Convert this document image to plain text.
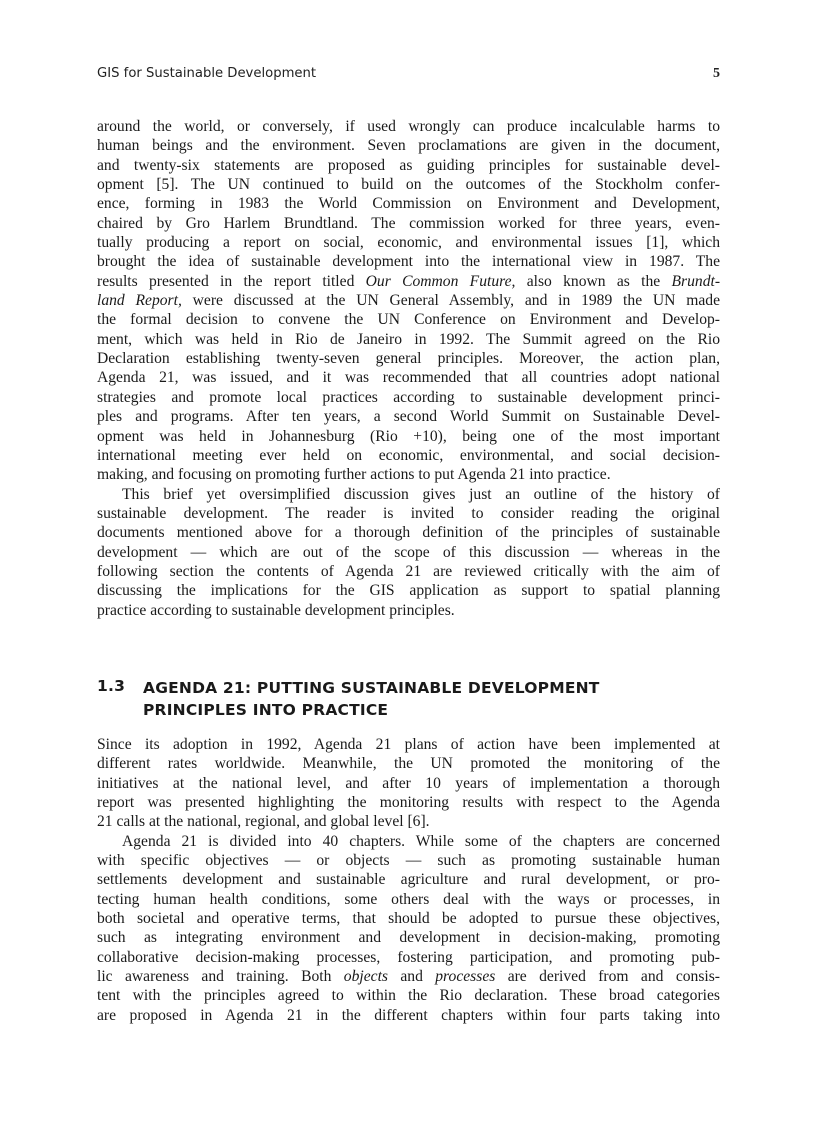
GIS for Sustainable Development	5
around the world, or conversely, if used wrongly can produce incalculable harms to
human beings and the environment. Seven proclamations are given in the document,
and twenty-six statements are proposed as guiding principles for sustainable devel-
opment [5]. The UN continued to build on the outcomes of the Stockholm confer-
ence, forming in 1983 the World Commission on Environment and Development,
chaired by Gro Harlem Brundtland. The commission worked for three years, even-
tually producing a report on social, economic, and environmental issues [1], which
brought the idea of sustainable development into the international view in 1987. The
results presented in the report titled Our Common Future, also known as the Brundt-
land Report, were discussed at the UN General Assembly, and in 1989 the UN made
the formal decision to convene the UN Conference on Environment and Develop-
ment, which was held in Rio de Janeiro in 1992. The Summit agreed on the Rio
Declaration establishing twenty-seven general principles. Moreover, the action plan,
Agenda 21, was issued, and it was recommended that all countries adopt national
strategies and promote local practices according to sustainable development princi-
ples and programs. After ten years, a second World Summit on Sustainable Devel-
opment was held in Johannesburg (Rio +10), being one of the most important
international meeting ever held on economic, environmental, and social decision-
making, and focusing on promoting further actions to put Agenda 21 into practice.
This brief yet oversimplified discussion gives just an outline of the history of
sustainable development. The reader is invited to consider reading the original
documents mentioned above for a thorough definition of the principles of sustainable
development — which are out of the scope of this discussion — whereas in the
following section the contents of Agenda 21 are reviewed critically with the aim of
discussing the implications for the GIS application as support to spatial planning
practice according to sustainable development principles.
1.3 AGENDA 21: PUTTING SUSTAINABLE DEVELOPMENT
PRINCIPLES INTO PRACTICE
Since its adoption in 1992, Agenda 21 plans of action have been implemented at
different rates worldwide. Meanwhile, the UN promoted the monitoring of the
initiatives at the national level, and after 10 years of implementation a thorough
report was presented highlighting the monitoring results with respect to the Agenda
21 calls at the national, regional, and global level [6].
Agenda 21 is divided into 40 chapters. While some of the chapters are concerned
with specific objectives — or objects — such as promoting sustainable human
settlements development and sustainable agriculture and rural development, or pro-
tecting human health conditions, some others deal with the ways or processes, in
both societal and operative terms, that should be adopted to pursue these objectives,
such as integrating environment and development in decision-making, promoting
collaborative decision-making processes, fostering participation, and promoting pub-
lic awareness and training. Both objects and processes are derived from and consis-
tent with the principles agreed to within the Rio declaration. These broad categories
are proposed in Agenda 21 in the different chapters within four parts taking into
